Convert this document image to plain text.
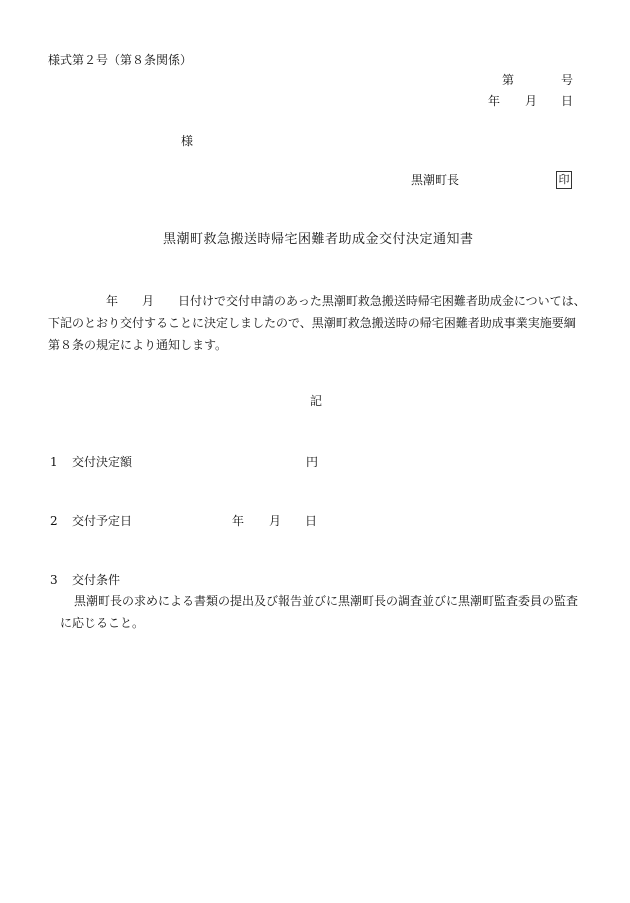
様式第２号（第８条関係）
第	号
年 月 日
様
黒潮町長	印
黒潮町救急搬送時帰宅困難者助成金交付決定通知書
年 月 日付けで交付申請のあった黒潮町救急搬送時帰宅困難者助成金については、下記のとおり交付することに決定しましたので、黒潮町救急搬送時の帰宅困難者助成事業実施要綱第８条の規定により通知します。
記
1 交付決定額	円
2 交付予定日	年 月 日
3 交付条件
黒潮町長の求めによる書類の提出及び報告並びに黒潮町長の調査並びに黒潮町監査委員の監査に応じること。
